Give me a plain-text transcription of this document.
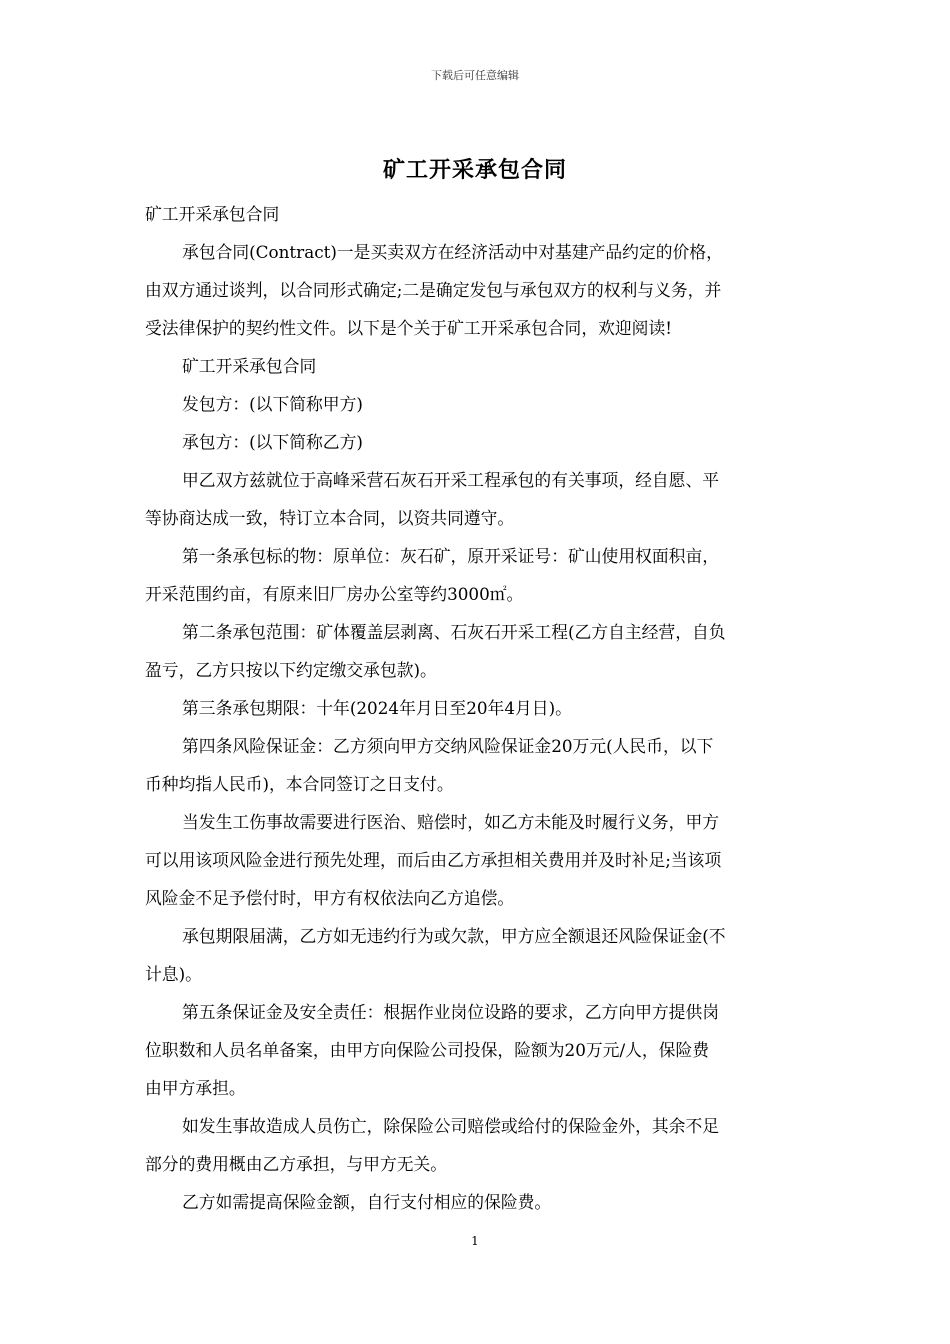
下载后可任意编辑
矿工开采承包合同
矿工开采承包合同
承包合同(Contract)一是买卖双方在经济活动中对基建产品约定的价格，
由双方通过谈判，以合同形式确定;二是确定发包与承包双方的权利与义务，并
受法律保护的契约性文件。以下是个关于矿工开采承包合同，欢迎阅读!
矿工开采承包合同
发包方：(以下简称甲方)
承包方：(以下简称乙方)
甲乙双方兹就位于高峰采营石灰石开采工程承包的有关事项，经自愿、平
等协商达成一致，特订立本合同，以资共同遵守。
第一条承包标的物：原单位：灰石矿，原开采证号：矿山使用权面积亩，
开采范围约亩，有原来旧厂房办公室等约3000㎡。
第二条承包范围：矿体覆盖层剥离、石灰石开采工程(乙方自主经营，自负
盈亏，乙方只按以下约定缴交承包款)。
第三条承包期限：十年(2024年月日至20年4月日)。
第四条风险保证金：乙方须向甲方交纳风险保证金20万元(人民币，以下
币种均指人民币)，本合同签订之日支付。
当发生工伤事故需要进行医治、赔偿时，如乙方未能及时履行义务，甲方
可以用该项风险金进行预先处理，而后由乙方承担相关费用并及时补足;当该项
风险金不足予偿付时，甲方有权依法向乙方追偿。
承包期限届满，乙方如无违约行为或欠款，甲方应全额退还风险保证金(不
计息)。
第五条保证金及安全责任：根据作业岗位设路的要求，乙方向甲方提供岗
位职数和人员名单备案，由甲方向保险公司投保，险额为20万元/人，保险费
由甲方承担。
如发生事故造成人员伤亡，除保险公司赔偿或给付的保险金外，其余不足
部分的费用概由乙方承担，与甲方无关。
乙方如需提高保险金额，自行支付相应的保险费。
1
